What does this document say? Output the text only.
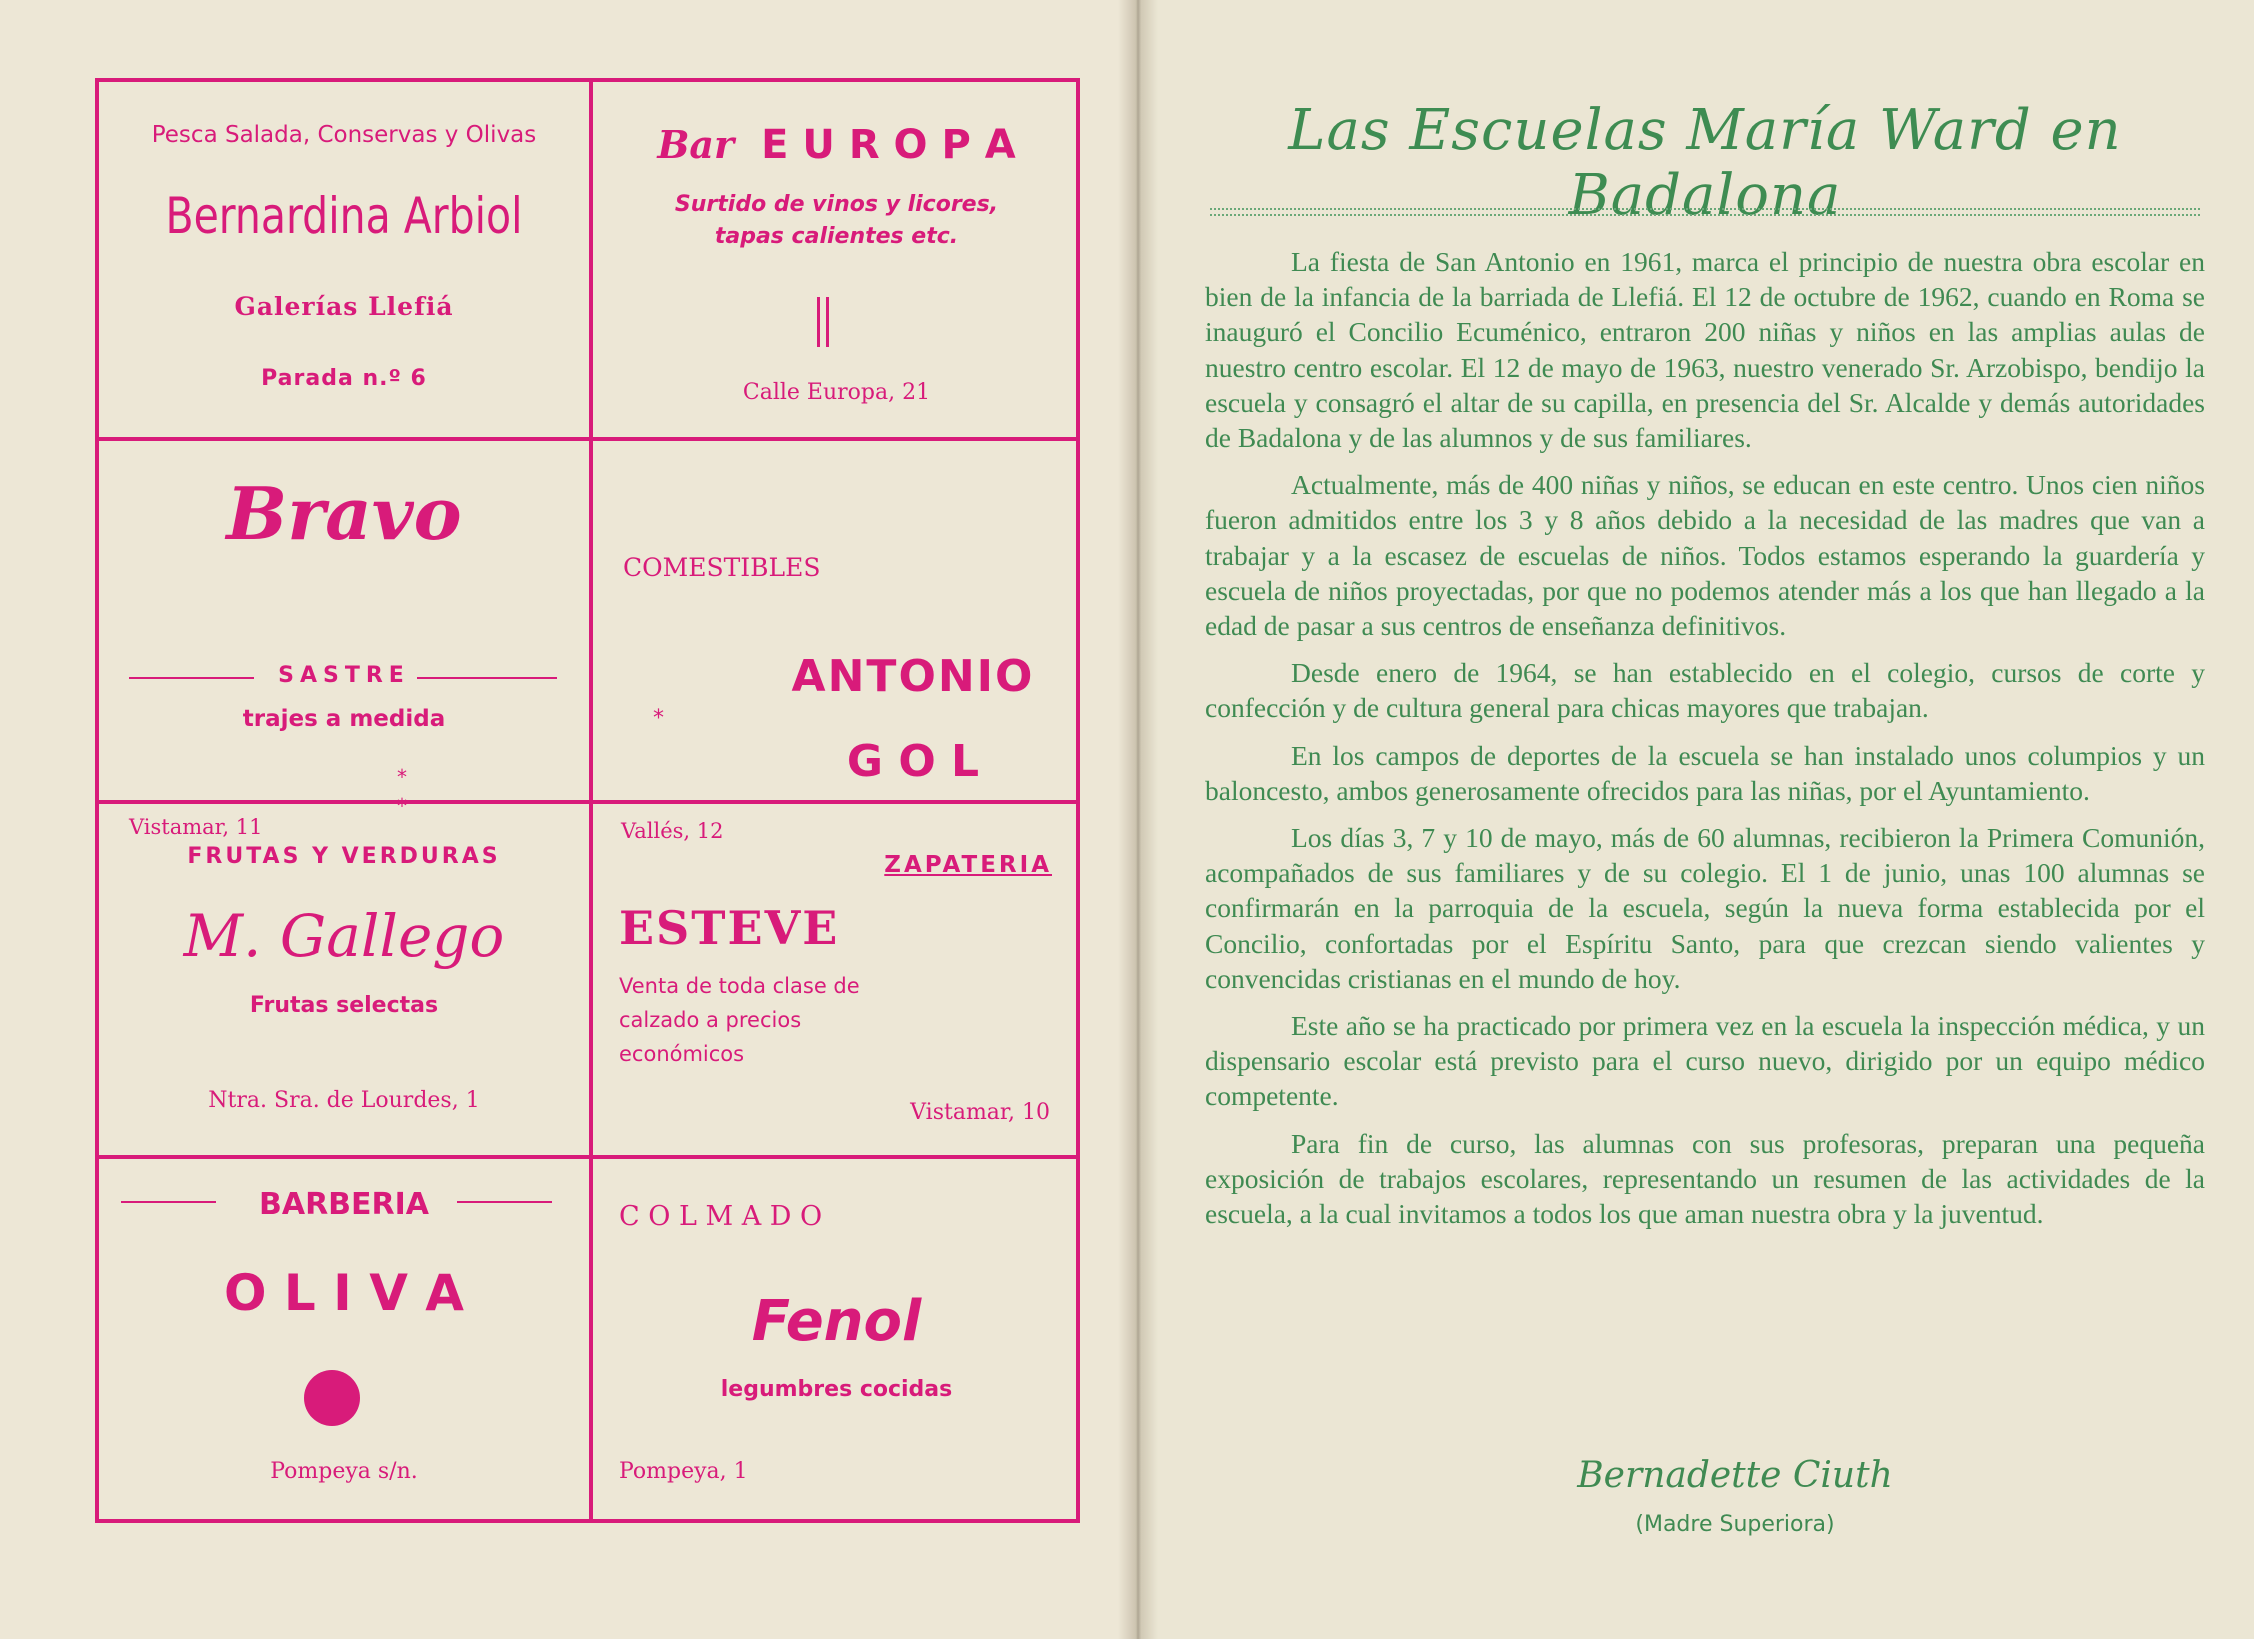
Pesca Salada, Conservas y Olivas
Bernardina Arbiol
Galerías Llefiá
Parada n.º 6
Bar E U R O P A
Surtido de vinos y licores,
tapas calientes etc.
Calle Europa, 21
Bravo
SASTRE
trajes a medida
*
*
Vistamar, 11
COMESTIBLES
ANTONIO
*
G O L
Vallés, 12
FRUTAS Y VERDURAS
M. Gallego
Frutas selectas
Ntra. Sra. de Lourdes, 1
ZAPATERIA
ESTEVE
Venta de toda clase de
calzado a precios
económicos
Vistamar, 10
BARBERIA
O L I V A
Pompeya s/n.
C O L M A D O
Fenol
legumbres cocidas
Pompeya, 1
Las Escuelas María Ward en Badalona

La fiesta de San Antonio en 1961, marca el principio de nuestra obra escolar en bien de la infancia de la barriada de Llefiá. El 12 de octubre de 1962, cuando en Roma se inauguró el Concilio Ecuménico, entraron 200 niñas y niños en las amplias aulas de nuestro centro escolar. El 12 de mayo de 1963, nuestro venerado Sr. Arzobispo, bendijo la escuela y consagró el altar de su capilla, en presencia del Sr. Alcalde y demás autoridades de Badalona y de las alumnos y de sus familiares.

Actualmente, más de 400 niñas y niños, se educan en este centro. Unos cien niños fueron admitidos entre los 3 y 8 años debido a la necesidad de las madres que van a trabajar y a la escasez de escuelas de niños. Todos estamos esperando la guardería y escuela de niños proyectadas, por que no podemos atender más a los que han llegado a la edad de pasar a sus centros de enseñanza definitivos.

Desde enero de 1964, se han establecido en el colegio, cursos de corte y confección y de cultura general para chicas mayores que trabajan.

En los campos de deportes de la escuela se han instalado unos columpios y un baloncesto, ambos generosamente ofrecidos para las niñas, por el Ayuntamiento.

Los días 3, 7 y 10 de mayo, más de 60 alumnas, recibieron la Primera Comunión, acompañados de sus familiares y de su colegio. El 1 de junio, unas 100 alumnas se confirmarán en la parroquia de la escuela, según la nueva forma establecida por el Concilio, confortadas por el Espíritu Santo, para que crezcan siendo valientes y convencidas cristianas en el mundo de hoy.

Este año se ha practicado por primera vez en la escuela la inspección médica, y un dispensario escolar está previsto para el curso nuevo, dirigido por un equipo médico competente.

Para fin de curso, las alumnas con sus profesoras, preparan una pequeña exposición de trabajos escolares, representando un resumen de las actividades de la escuela, a la cual invitamos a todos los que aman nuestra obra y la juventud.

Bernadette Ciuth
(Madre Superiora)
